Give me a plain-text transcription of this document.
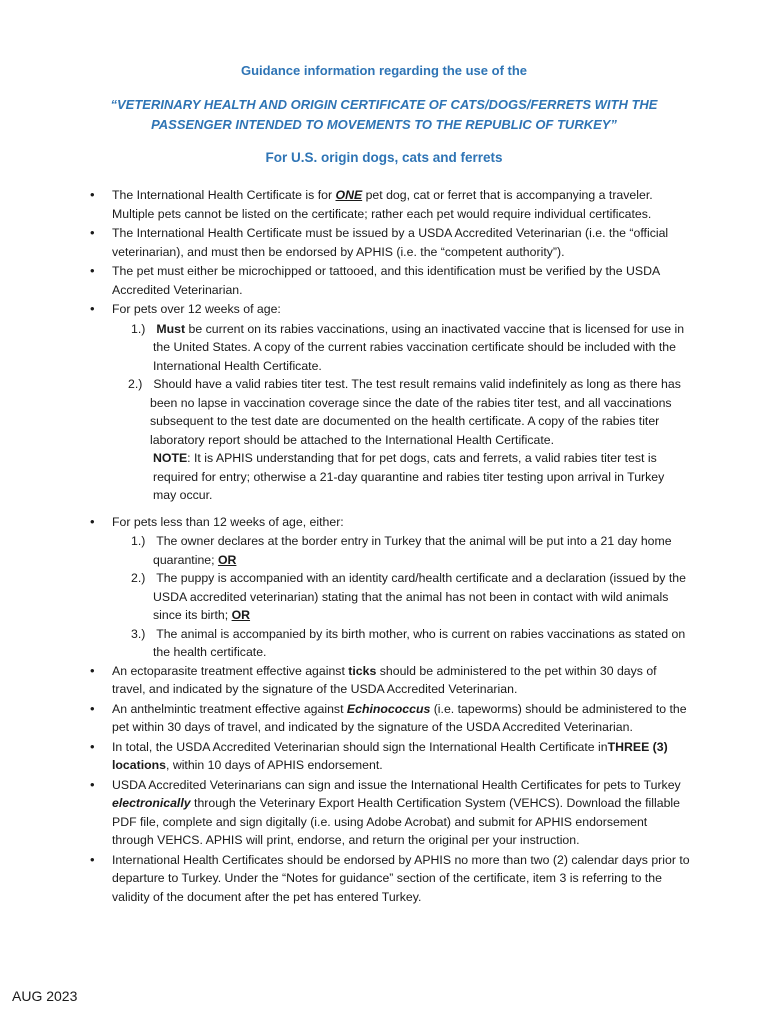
Guidance information regarding the use of the
“VETERINARY HEALTH AND ORIGIN CERTIFICATE OF CATS/DOGS/FERRETS WITH THE
PASSENGER INTENDED TO MOVEMENTS TO THE REPUBLIC OF TURKEY”
For U.S. origin dogs, cats and ferrets
• The International Health Certificate is for ONE pet dog, cat or ferret that is accompanying a traveler. Multiple pets cannot be listed on the certificate; rather each pet would require individual certificates.
• The International Health Certificate must be issued by a USDA Accredited Veterinarian (i.e. the “official veterinarian), and must then be endorsed by APHIS (i.e. the “competent authority”).
• The pet must either be microchipped or tattooed, and this identification must be verified by the USDA Accredited Veterinarian.
• For pets over 12 weeks of age:
1.) Must be current on its rabies vaccinations, using an inactivated vaccine that is licensed for use in the United States. A copy of the current rabies vaccination certificate should be included with the International Health Certificate.
2.) Should have a valid rabies titer test. The test result remains valid indefinitely as long as there has been no lapse in vaccination coverage since the date of the rabies titer test, and all vaccinations subsequent to the test date are documented on the health certificate. A copy of the rabies titer laboratory report should be attached to the International Health Certificate.
NOTE: It is APHIS understanding that for pet dogs, cats and ferrets, a valid rabies titer test is required for entry; otherwise a 21-day quarantine and rabies titer testing upon arrival in Turkey may occur.
• For pets less than 12 weeks of age, either:
1.) The owner declares at the border entry in Turkey that the animal will be put into a 21 day home quarantine; OR
2.) The puppy is accompanied with an identity card/health certificate and a declaration (issued by the USDA accredited veterinarian) stating that the animal has not been in contact with wild animals since its birth; OR
3.) The animal is accompanied by its birth mother, who is current on rabies vaccinations as stated on the health certificate.
• An ectoparasite treatment effective against ticks should be administered to the pet within 30 days of travel, and indicated by the signature of the USDA Accredited Veterinarian.
• An anthelmintic treatment effective against Echinococcus (i.e. tapeworms) should be administered to the pet within 30 days of travel, and indicated by the signature of the USDA Accredited Veterinarian.
• In total, the USDA Accredited Veterinarian should sign the International Health Certificate inTHREE (3) locations, within 10 days of APHIS endorsement.
• USDA Accredited Veterinarians can sign and issue the International Health Certificates for pets to Turkey electronically through the Veterinary Export Health Certification System (VEHCS). Download the fillable PDF file, complete and sign digitally (i.e. using Adobe Acrobat) and submit for APHIS endorsement through VEHCS. APHIS will print, endorse, and return the original per your instruction.
• International Health Certificates should be endorsed by APHIS no more than two (2) calendar days prior to departure to Turkey. Under the “Notes for guidance” section of the certificate, item 3 is referring to the validity of the document after the pet has entered Turkey.
AUG 2023
